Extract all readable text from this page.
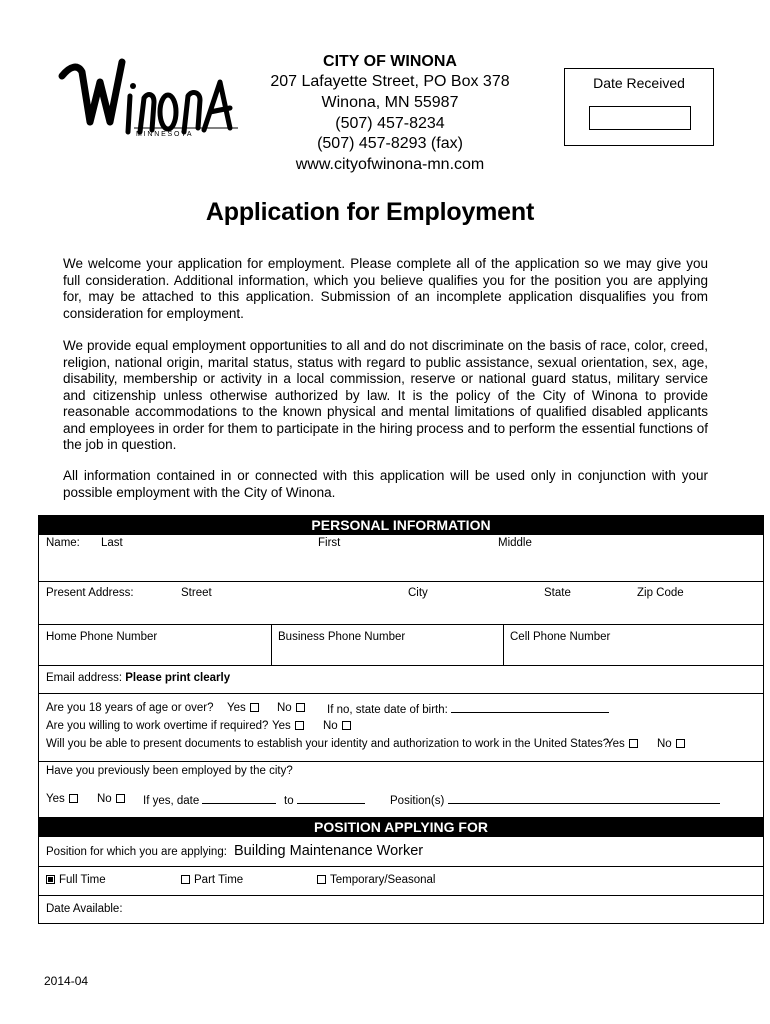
MINNESOTA
CITY OF WINONA
207 Lafayette Street, PO Box 378
Winona, MN 55987
(507) 457-8234
(507) 457-8293 (fax)
www.cityofwinona-mn.com
Date Received
Application for Employment
We welcome your application for employment. Please complete all of the application so we may give you full consideration. Additional information, which you believe qualifies you for the position you are applying for, may be attached to this application. Submission of an incomplete application disqualifies you from consideration for employment.
We provide equal employment opportunities to all and do not discriminate on the basis of race, color, creed, religion, national origin, marital status, status with regard to public assistance, sexual orientation, sex, age, disability, membership or activity in a local commission, reserve or national guard status, military service and citizenship unless otherwise authorized by law. It is the policy of the City of Winona to provide reasonable accommodations to the known physical and mental limitations of qualified disabled applicants and employees in order for them to participate in the hiring process and to perform the essential functions of the job in question.
All information contained in or connected with this application will be used only in conjunction with your possible employment with the City of Winona.
PERSONAL INFORMATION
Name: Last	First	Middle
Present Address:	Street	City	State	Zip Code
Home Phone Number	Business Phone Number	Cell Phone Number
Email address: Please print clearly
Are you 18 years of age or over? Yes	No	If no, state date of birth:
Are you willing to work overtime if required? Yes	No
Will you be able to present documents to establish your identity and authorization to work in the United States?
Yes	No
Have you previously been employed by the city?
Yes	No	If yes, date	to	Position(s)
POSITION APPLYING FOR
Position for which you are applying: Building Maintenance Worker
Full Time	Part Time	Temporary/Seasonal
Date Available:
2014-04
